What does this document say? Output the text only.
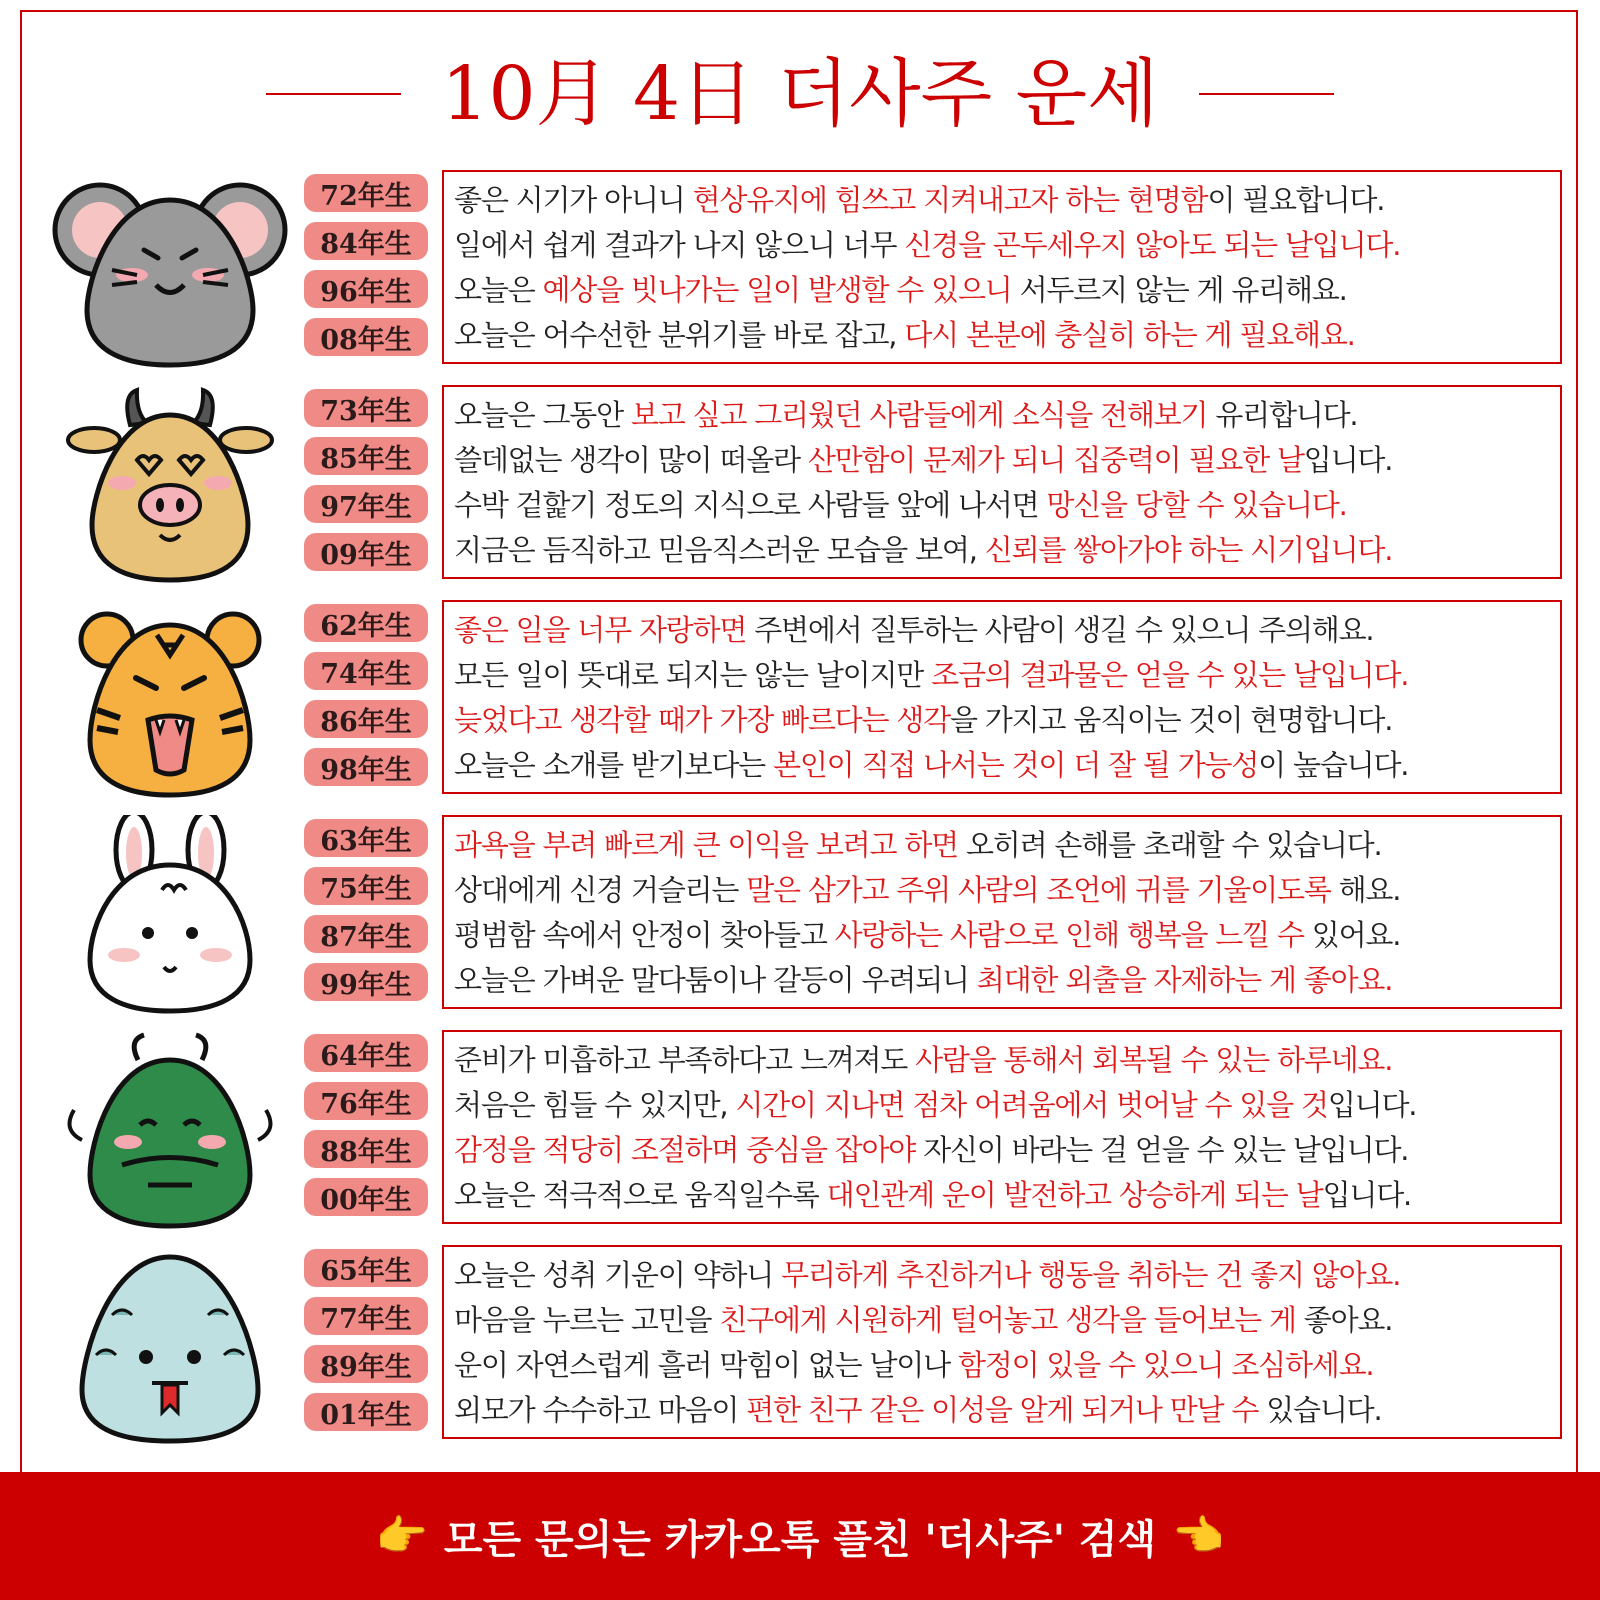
10月 4日 더사주 운세
72年生
84年生
96年生
08年生
좋은 시기가 아니니 현상유지에 힘쓰고 지켜내고자 하는 현명함이 필요합니다.
일에서 쉽게 결과가 나지 않으니 너무 신경을 곤두세우지 않아도 되는 날입니다.
오늘은 예상을 빗나가는 일이 발생할 수 있으니 서두르지 않는 게 유리해요.
오늘은 어수선한 분위기를 바로 잡고, 다시 본분에 충실히 하는 게 필요해요.
73年生
85年生
97年生
09年生
오늘은 그동안 보고 싶고 그리웠던 사람들에게 소식을 전해보기 유리합니다.
쓸데없는 생각이 많이 떠올라 산만함이 문제가 되니 집중력이 필요한 날입니다.
수박 겉핥기 정도의 지식으로 사람들 앞에 나서면 망신을 당할 수 있습니다.
지금은 듬직하고 믿음직스러운 모습을 보여, 신뢰를 쌓아가야 하는 시기입니다.
62年生
74年生
86年生
98年生
좋은 일을 너무 자랑하면 주변에서 질투하는 사람이 생길 수 있으니 주의해요.
모든 일이 뜻대로 되지는 않는 날이지만 조금의 결과물은 얻을 수 있는 날입니다.
늦었다고 생각할 때가 가장 빠르다는 생각을 가지고 움직이는 것이 현명합니다.
오늘은 소개를 받기보다는 본인이 직접 나서는 것이 더 잘 될 가능성이 높습니다.
63年生
75年生
87年生
99年生
과욕을 부려 빠르게 큰 이익을 보려고 하면 오히려 손해를 초래할 수 있습니다.
상대에게 신경 거슬리는 말은 삼가고 주위 사람의 조언에 귀를 기울이도록 해요.
평범함 속에서 안정이 찾아들고 사랑하는 사람으로 인해 행복을 느낄 수 있어요.
오늘은 가벼운 말다툼이나 갈등이 우려되니 최대한 외출을 자제하는 게 좋아요.
64年生
76年生
88年生
00年生
준비가 미흡하고 부족하다고 느껴져도 사람을 통해서 회복될 수 있는 하루네요.
처음은 힘들 수 있지만, 시간이 지나면 점차 어려움에서 벗어날 수 있을 것입니다.
감정을 적당히 조절하며 중심을 잡아야 자신이 바라는 걸 얻을 수 있는 날입니다.
오늘은 적극적으로 움직일수록 대인관계 운이 발전하고 상승하게 되는 날입니다.
65年生
77年生
89年生
01年生
오늘은 성취 기운이 약하니 무리하게 추진하거나 행동을 취하는 건 좋지 않아요.
마음을 누르는 고민을 친구에게 시원하게 털어놓고 생각을 들어보는 게 좋아요.
운이 자연스럽게 흘러 막힘이 없는 날이나 함정이 있을 수 있으니 조심하세요.
외모가 수수하고 마음이 편한 친구 같은 이성을 알게 되거나 만날 수 있습니다.
👉 모든 문의는 카카오톡 플친 '더사주' 검색 👈
